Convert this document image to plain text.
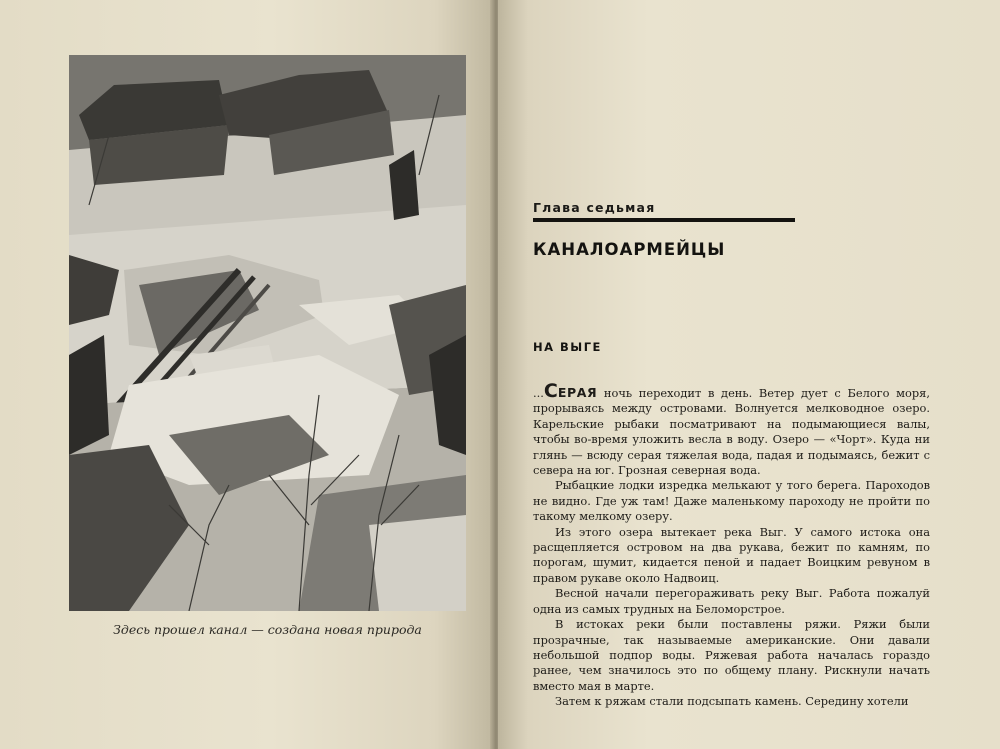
Здесь прошел канал — создана новая природа

Глава седьмая
КАНАЛОАРМЕЙЦЫ
НА ВЫГЕ

...СЕРАЯ ночь переходит в день. Ветер дует с Белого моря, прорываясь между островами. Волнуется мелководное озеро. Карельские рыбаки посматривают на подымающиеся валы, чтобы во-время уложить весла в воду. Озеро — «Чорт». Куда ни глянь — всюду серая тяжелая вода, падая и подымаясь, бежит с севера на юг. Грозная северная вода.

Рыбацкие лодки изредка мелькают у того берега. Пароходов не видно. Где уж там! Даже маленькому пароходу не пройти по такому мелкому озеру.

Из этого озера вытекает река Выг. У самого истока она расщепляется островом на два рукава, бежит по камням, по порогам, шумит, кидается пеной и падает Воицким ревуном в правом рукаве около Надвоиц.

Весной начали перегораживать реку Выг. Работа пожалуй одна из самых трудных на Беломорстрое.

В истоках реки были поставлены ряжи. Ряжи были прозрачные, так называемые американские. Они давали небольшой подпор воды. Ряжевая работа началась гораздо ранее, чем значилось это по общему плану. Рискнули начать вместо мая в марте.

Затем к ряжам стали подсыпать камень. Середину хотели
